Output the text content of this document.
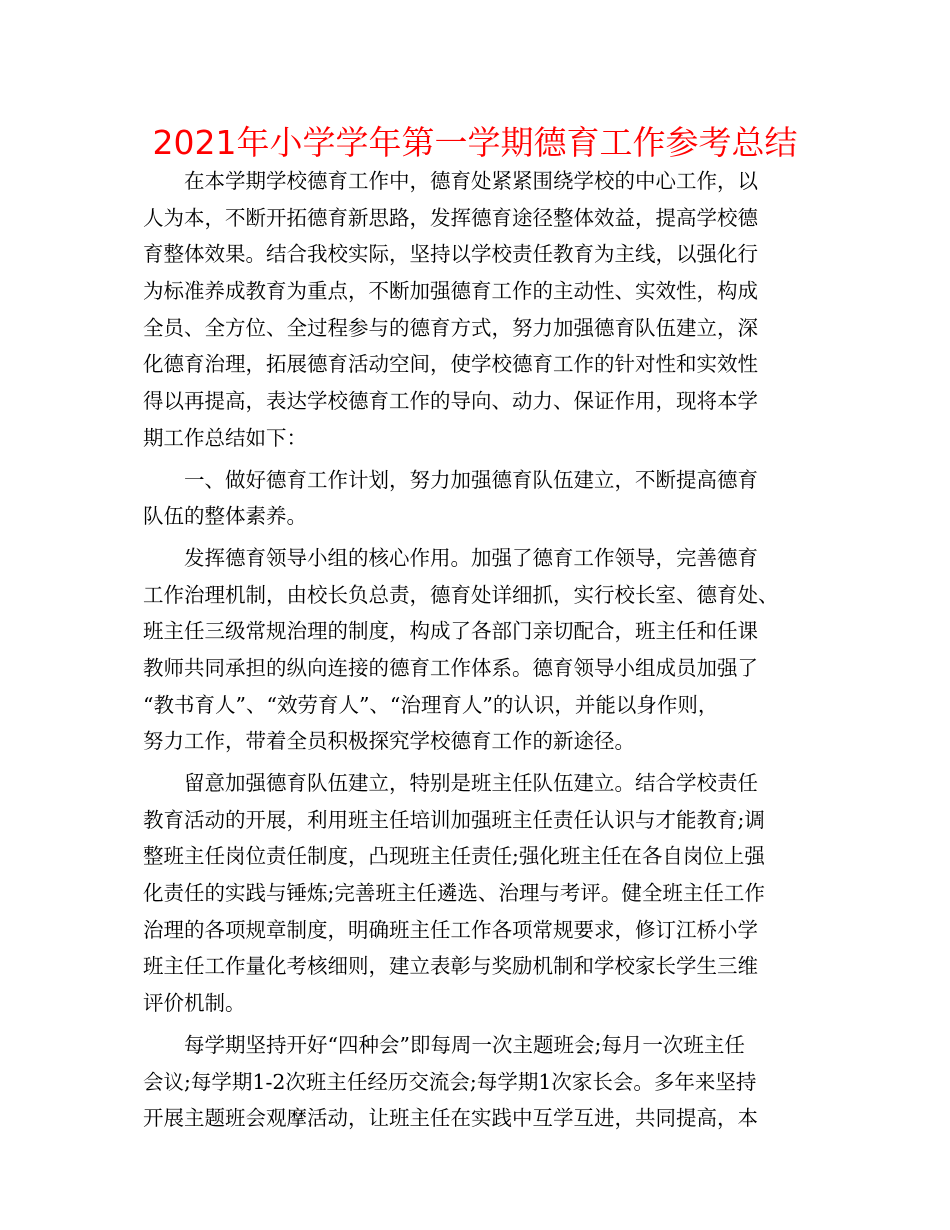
2021年小学学年第一学期德育工作参考总结
　　在本学期学校德育工作中，德育处紧紧围绕学校的中心工作，以
人为本，不断开拓德育新思路，发挥德育途径整体效益，提高学校德
育整体效果。结合我校实际，坚持以学校责任教育为主线，以强化行
为标准养成教育为重点，不断加强德育工作的主动性、实效性，构成
全员、全方位、全过程参与的德育方式，努力加强德育队伍建立，深
化德育治理，拓展德育活动空间，使学校德育工作的针对性和实效性
得以再提高，表达学校德育工作的导向、动力、保证作用，现将本学
期工作总结如下：
　　一、做好德育工作计划，努力加强德育队伍建立，不断提高德育
队伍的整体素养。
　　发挥德育领导小组的核心作用。加强了德育工作领导，完善德育
工作治理机制，由校长负总责，德育处详细抓，实行校长室、德育处、
班主任三级常规治理的制度，构成了各部门亲切配合，班主任和任课
教师共同承担的纵向连接的德育工作体系。德育领导小组成员加强了
“教书育人”、“效劳育人”、“治理育人”的认识，并能以身作则，
努力工作，带着全员积极探究学校德育工作的新途径。
　　留意加强德育队伍建立，特别是班主任队伍建立。结合学校责任
教育活动的开展，利用班主任培训加强班主任责任认识与才能教育;调
整班主任岗位责任制度，凸现班主任责任;强化班主任在各自岗位上强
化责任的实践与锤炼;完善班主任遴选、治理与考评。健全班主任工作
治理的各项规章制度，明确班主任工作各项常规要求，修订江桥小学
班主任工作量化考核细则，建立表彰与奖励机制和学校家长学生三维
评价机制。
　　每学期坚持开好“四种会”即每周一次主题班会;每月一次班主任
会议;每学期1-2次班主任经历交流会;每学期1次家长会。多年来坚持
开展主题班会观摩活动，让班主任在实践中互学互进，共同提高，本
